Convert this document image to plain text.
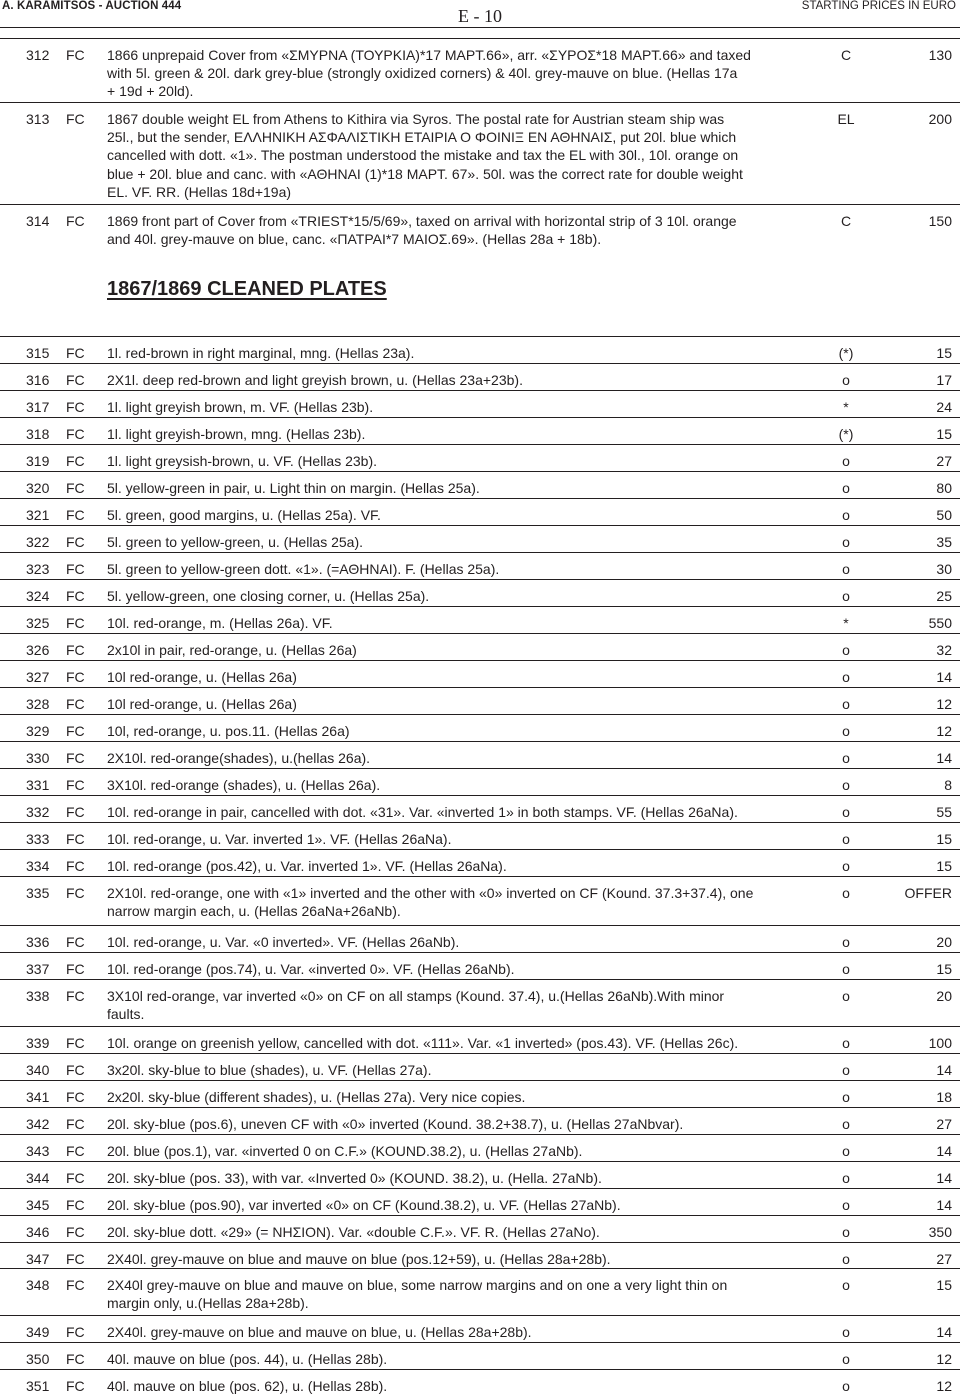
A. KARAMITSOS - AUCTION 444	E - 10	STARTING PRICES IN EURO
1867/1869 CLEANED PLATES
312 FC 1866 unprepaid Cover from «ΣΜΥΡΝΑ (ΤΟΥΡΚΙΑ)*17 ΜΑΡΤ.66», arr. «ΣΥΡΟΣ*18 ΜΑΡΤ.66» and taxed
with 5l. green & 20l. dark grey-blue (strongly oxidized corners) & 40l. grey-mauve on blue. (Hellas 17a
+ 19d + 20ld).
C	130
313 FC 1867 double weight EL from Athens to Kithira via Syros. The postal rate for Austrian steam ship was
25l., but the sender, ΕΛΛΗΝΙΚΗ ΑΣΦΑΛΙΣΤΙΚΗ ΕΤΑΙΡΙΑ Ο ΦΟΙΝΙΞ ΕΝ ΑΘΗΝΑΙΣ, put 20l. blue which
cancelled with dott. «1». The postman understood the mistake and tax the EL with 30l., 10l. orange on
blue + 20l. blue and canc. with «ΑΘΗΝΑΙ (1)*18 ΜΑΡΤ. 67». 50l. was the correct rate for double weight
EL. VF. RR. (Hellas 18d+19a)
EL	200
314 FC 1869 front part of Cover from «TRIEST*15/5/69», taxed on arrival with horizontal strip of 3 10l. orange
and 40l. grey-mauve on blue, canc. «ΠΑΤΡΑΙ*7 ΜΑΙΟΣ.69». (Hellas 28a + 18b).
C	150
315 FC 1l. red-brown in right marginal, mng. (Hellas 23a).	(*)	15
316 FC 2X1l. deep red-brown and light greyish brown, u. (Hellas 23a+23b).	o	17
317 FC 1l. light greyish brown, m. VF. (Hellas 23b).	*	24
318 FC 1l. light greyish-brown, mng. (Hellas 23b).	(*)	15
319 FC 1l. light greysish-brown, u. VF. (Hellas 23b).	o	27
320 FC 5l. yellow-green in pair, u. Light thin on margin. (Hellas 25a).	o	80
321 FC 5l. green, good margins, u. (Hellas 25a). VF.	o	50
322 FC 5l. green to yellow-green, u. (Hellas 25a).	o	35
323 FC 5l. green to yellow-green dott. «1». (=ΑΘΗΝΑΙ). F. (Hellas 25a).	o	30
324 FC 5l. yellow-green, one closing corner, u. (Hellas 25a).	o	25
325 FC 10l. red-orange, m. (Hellas 26a). VF.	*	550
326 FC 2x10l in pair, red-orange, u. (Hellas 26a)	o	32
327 FC 10l red-orange, u. (Hellas 26a)	o	14
328 FC 10l red-orange, u. (Hellas 26a)	o	12
329 FC 10l, red-orange, u. pos.11. (Hellas 26a)	o	12
330 FC 2X10l. red-orange(shades), u.(hellas 26a).	o	14
331 FC 3X10l. red-orange (shades), u. (Hellas 26a).	o	8
332 FC 10l. red-orange in pair, cancelled with dot. «31». Var. «inverted 1» in both stamps. VF. (Hellas 26aNa).	o	55
333 FC 10l. red-orange, u. Var. inverted 1». VF. (Hellas 26aNa).	o	15
334 FC 10l. red-orange (pos.42), u. Var. inverted 1». VF. (Hellas 26aNa).	o	15
335 FC 2X10l. red-orange, one with «1» inverted and the other with «0» inverted on CF (Kound. 37.3+37.4), one
narrow margin each, u. (Hellas 26aNa+26aNb).
o	OFFER
336 FC 10l. red-orange, u. Var. «0 inverted». VF. (Hellas 26aNb).	o	20
337 FC 10l. red-orange (pos.74), u. Var. «inverted 0». VF. (Hellas 26aNb).	o	15
338 FC 3X10l red-orange, var inverted «0» on CF on all stamps (Kound. 37.4), u.(Hellas 26aNb).With minor
faults.
o	20
339 FC 10l. orange on greenish yellow, cancelled with dot. «111». Var. «1 inverted» (pos.43). VF. (Hellas 26c).	o	100
340 FC 3x20l. sky-blue to blue (shades), u. VF. (Hellas 27a).	o	14
341 FC 2x20l. sky-blue (different shades), u. (Hellas 27a). Very nice copies.	o	18
342 FC 20l. sky-blue (pos.6), uneven CF with «0» inverted (Kound. 38.2+38.7), u. (Hellas 27aNbvar).	o	27
343 FC 20l. blue (pos.1), var. «inverted 0 on C.F.» (KOUND.38.2), u. (Hellas 27aNb).	o	14
344 FC 20l. sky-blue (pos. 33), with var. «Inverted 0» (KOUND. 38.2), u. (Hella. 27aNb).	o	14
345 FC 20l. sky-blue (pos.90), var inverted «0» on CF (Kound.38.2), u. VF. (Hellas 27aNb).	o	14
346 FC 20l. sky-blue dott. «29» (= ΝΗΣΙΟΝ). Var. «double C.F.». VF. R. (Hellas 27aNo).	o	350
347 FC 2X40l. grey-mauve on blue and mauve on blue (pos.12+59), u. (Hellas 28a+28b).	o	27
348 FC 2X40l grey-mauve on blue and mauve on blue, some narrow margins and on one a very light thin on
margin only, u.(Hellas 28a+28b).
o	15
349 FC 2X40l. grey-mauve on blue and mauve on blue, u. (Hellas 28a+28b).	o	14
350 FC 40l. mauve on blue (pos. 44), u. (Hellas 28b).	o	12
351 FC 40l. mauve on blue (pos. 62), u. (Hellas 28b).	o	12
